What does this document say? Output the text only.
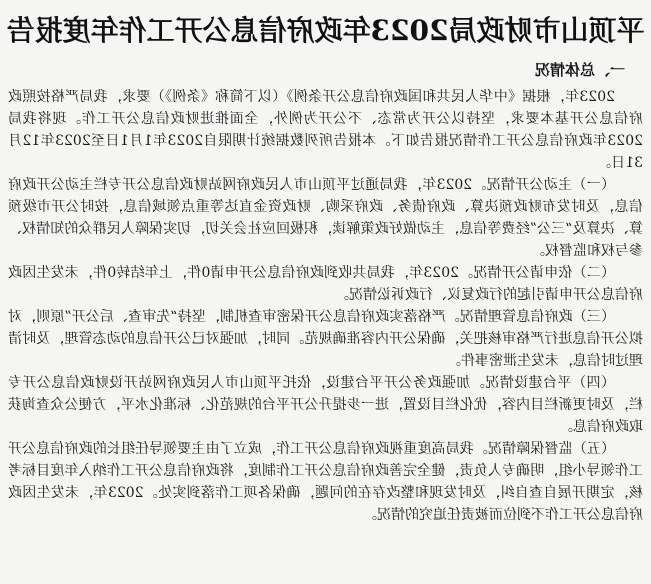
平顶山市财政局2023年政府信息公开工作年度报告
一、总体情况

2023年，根据《中华人民共和国政府信息公开条例》（以下简称《条例》）要求，我局严格按照政府信息公开基本要求，坚持以公开为常态、不公开为例外，全面推进财政信息公开工作。现将我局2023年政府信息公开工作情况报告如下。本报告所列数据统计期限自2023年1月1日至2023年12月31日。

（一）主动公开情况。2023年，我局通过平顶山市人民政府网站财政信息公开专栏主动公开政府信息，及时发布财政预决算、政府债务、政府采购、财政资金直达等重点领域信息，按时公开市级预算、决算及“三公”经费等信息，主动做好政策解读，积极回应社会关切，切实保障人民群众的知情权、参与权和监督权。

（二）依申请公开情况。2023年，我局共收到政府信息公开申请0件，上年结转0件，未发生因政府信息公开申请引起的行政复议、行政诉讼情况。

（三）政府信息管理情况。严格落实政府信息公开保密审查机制，坚持“先审查、后公开”原则，对拟公开信息进行严格审核把关，确保公开内容准确规范。同时，加强对已公开信息的动态管理，及时清理过时信息，未发生泄密事件。

（四）平台建设情况。加强政务公开平台建设，依托平顶山市人民政府网站开设财政信息公开专栏，及时更新栏目内容，优化栏目设置，进一步提升公开平台的规范化、标准化水平，方便公众查询获取政府信息。

（五）监督保障情况。我局高度重视政府信息公开工作，成立了由主要领导任组长的政府信息公开工作领导小组，明确专人负责，健全完善政府信息公开工作制度，将政府信息公开工作纳入年度目标考核，定期开展自查自纠，及时发现和整改存在的问题，确保各项工作落到实处。2023年，未发生因政府信息公开工作不到位而被责任追究的情况。
